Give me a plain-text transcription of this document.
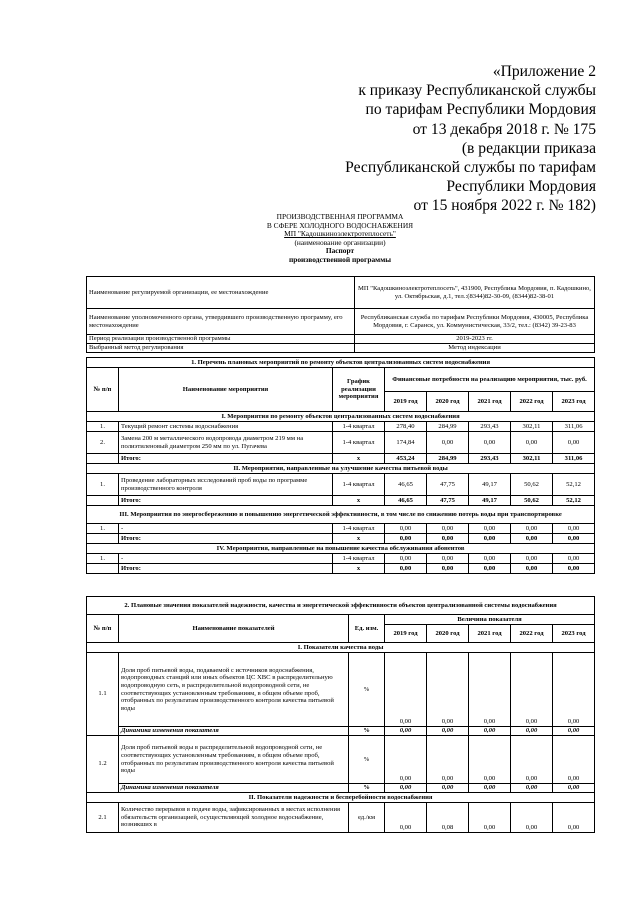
«Приложение 2
к приказу Республиканской службы
по тарифам Республики Мордовия
от 13 декабря 2018 г. № 175
(в редакции приказа
Республиканской службы по тарифам
Республики Мордовия
от 15 ноября 2022 г. № 182)
ПРОИЗВОДСТВЕННАЯ ПРОГРАММА
В СФЕРЕ ХОЛОДНОГО ВОДОСНАБЖЕНИЯ
МП "Кадошкиноэлектротеплосеть"
(наименование организации)
Паспорт
производственной программы
Наименование регулируемой организации, ее местонахождение	МП "Кадошкиноэлектротеплосеть", 431900, Республика Мордовия, п. Кадошкино, ул. Октябрьская, д.1, тел.:(8344)82-30-09, (8344)82-38-01
Наименование уполномоченного органа, утвердившего производственную программу, его местонахождение	Республиканская служба по тарифам Республики Мордовия, 430005, Республика Мордовия, г. Саранск, ул. Коммунистическая, 33/2, тел.: (8342) 39-23-83
Период реализации производственной программы	2019-2023 гг.
Выбранный метод регулирования	Метод индексации
1. Перечень плановых мероприятий по ремонту объектов централизованных систем водоснабжения							
№ п/п	Наименование мероприятия	График реализации мероприятия	Финансовые потребности на реализацию мероприятия, тыс. руб.				
			2019 год	2020 год	2021 год	2022 год	2023 год
I. Мероприятия по ремонту объектов централизованных систем водоснабжения							
1.	Текущий ремонт системы водоснабжения	1-4 квартал	278,40	284,99	293,43	302,11	311,06
2.	Замена 200 м металлического водопровода диаметром 219 мм на полиэтиленовый диаметром 250 мм по ул. Пугачева	1-4 квартал	174,84	0,00	0,00	0,00	0,00
	Итого:	x	453,24	284,99	293,43	302,11	311,06
II. Мероприятия, направленные на улучшение качества питьевой воды							
1.	Проведение лабораторных исследований проб воды по программе производственного контроля	1-4 квартал	46,65	47,75	49,17	50,62	52,12
	Итого:	x	46,65	47,75	49,17	50,62	52,12
III. Мероприятия по энергосбережению и повышению энергетической эффективности, в том числе по снижению потерь воды при транспортировке							
1.	-	1-4 квартал	0,00	0,00	0,00	0,00	0,00
	Итого:	x	0,00	0,00	0,00	0,00	0,00
IV. Мероприятия, направленные на повышение качества обслуживания абонентов							
1.	-	1-4 квартал	0,00	0,00	0,00	0,00	0,00
	Итого:	x	0,00	0,00	0,00	0,00	0,00
2. Плановые значения показателей надежности, качества и энергетической эффективности объектов централизованной системы водоснабжения							
№ п/п	Наименование показателей	Ед. изм.	Величина показателя				
			2019 год	2020 год	2021 год	2022 год	2023 год
I. Показатели качества воды							
1.1	Доля проб питьевой воды, подаваемой с источников водоснабжения, водопроводных станций или иных объектов ЦС ХВС в распределительную водопроводную сеть, в распределительной водопроводной сети, не соответствующих установленным требованиям, в общем объеме проб, отобранных по результатам производственного контроля качества питьевой воды	%	0,00	0,00	0,00	0,00	0,00
	Динамика изменения показателя	%	0,00	0,00	0,00	0,00	0,00
1.2	Доля проб питьевой воды в распределительной водопроводной сети, не соответствующих установленным требованиям, в общем объеме проб, отобранных по результатам производственного контроля качества питьевой воды	%	0,00	0,00	0,00	0,00	0,00
	Динамика изменения показателя	%	0,00	0,00	0,00	0,00	0,00
II. Показатели надежности и бесперебойности водоснабжения							
2.1	Количество перерывов в подаче воды, зафиксированных в местах исполнения обязательств организацией, осуществляющей холодное водоснабжение, возникших в	ед./км	0,00	0,08	0,00	0,00	0,00
